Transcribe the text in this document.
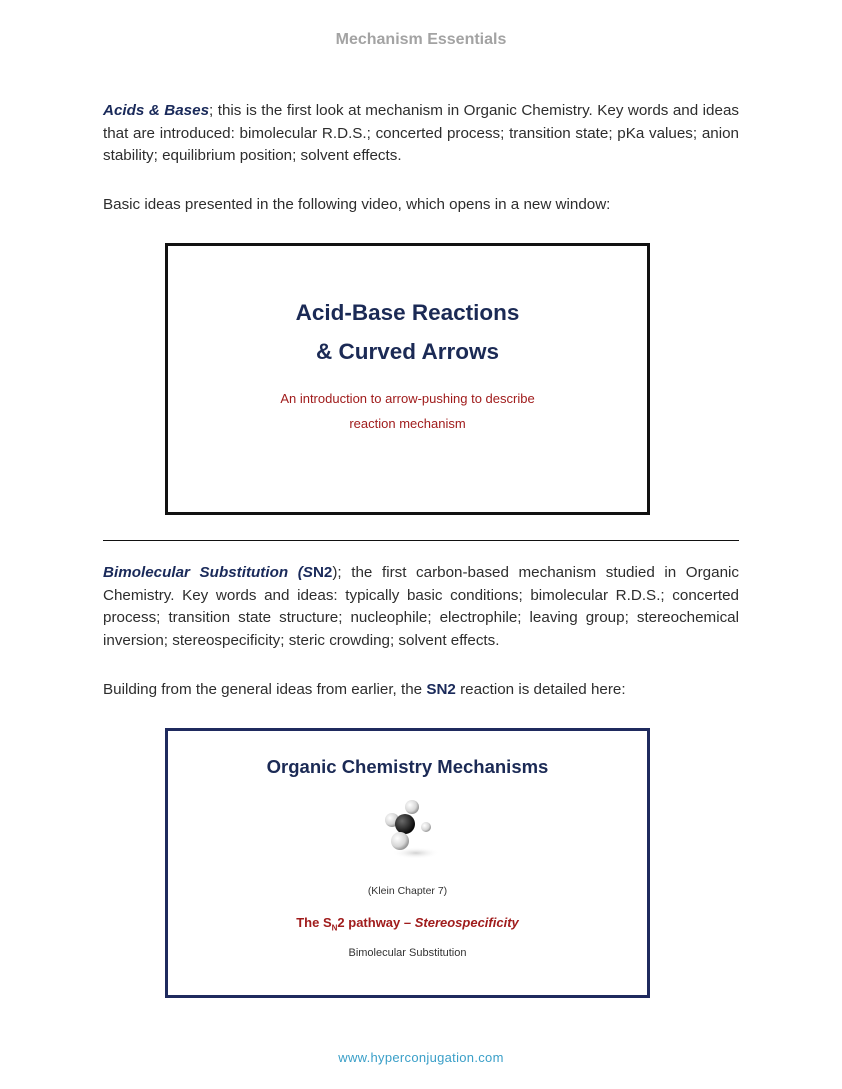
Mechanism Essentials

Acids & Bases; this is the first look at mechanism in Organic Chemistry. Key words and ideas that are introduced: bimolecular R.D.S.; concerted process; transition state; pKa values; anion stability; equilibrium position; solvent effects.

Basic ideas presented in the following video, which opens in a new window:

Acid-Base Reactions
& Curved Arrows
An introduction to arrow-pushing to describe
reaction mechanism

Bimolecular Substitution (SN2); the first carbon-based mechanism studied in Organic Chemistry. Key words and ideas: typically basic conditions; bimolecular R.D.S.; concerted process; transition state structure; nucleophile; electrophile; leaving group; stereochemical inversion; stereospecificity; steric crowding; solvent effects.

Building from the general ideas from earlier, the SN2 reaction is detailed here:

Organic Chemistry Mechanisms
(Klein Chapter 7)
The $S_N2$ pathway – Stereospecificity
Bimolecular Substitution
www.hyperconjugation.com
